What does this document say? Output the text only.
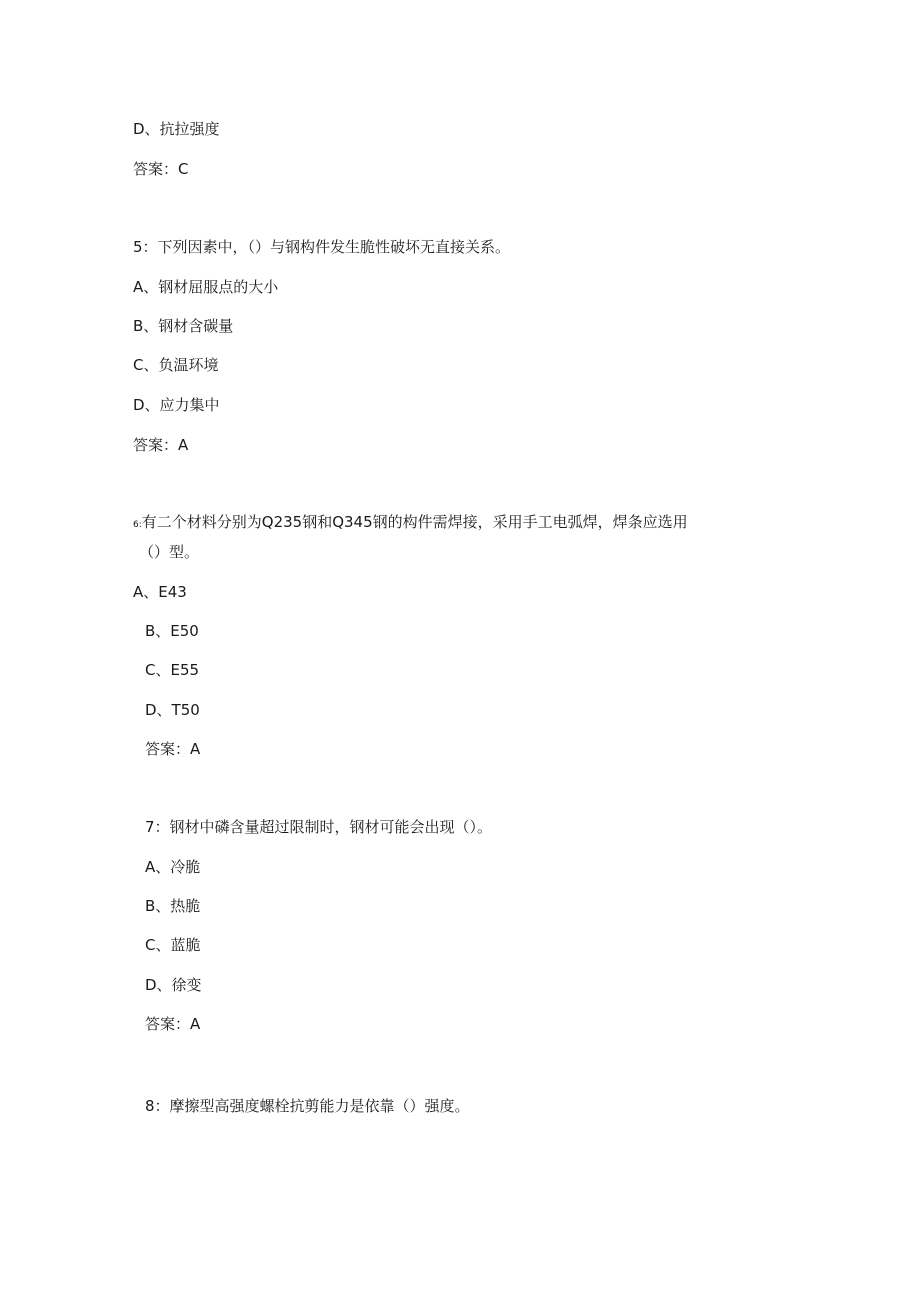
D、抗拉强度
答案：C
5：下列因素中，（）与钢构件发生脆性破坏无直接关系。
A、钢材屈服点的大小
B、钢材含碳量
C、负温环境
D、应力集中
答案：A
6:有二个材料分别为Q235钢和Q345钢的构件需焊接，采用手工电弧焊，焊条应选用
（）型。
A、E43
B、E50
C、E55
D、T50
答案：A
7：钢材中磷含量超过限制时，钢材可能会出现（）。
A、冷脆
B、热脆
C、蓝脆
D、徐变
答案：A
8：摩擦型高强度螺栓抗剪能力是依靠（）强度。
